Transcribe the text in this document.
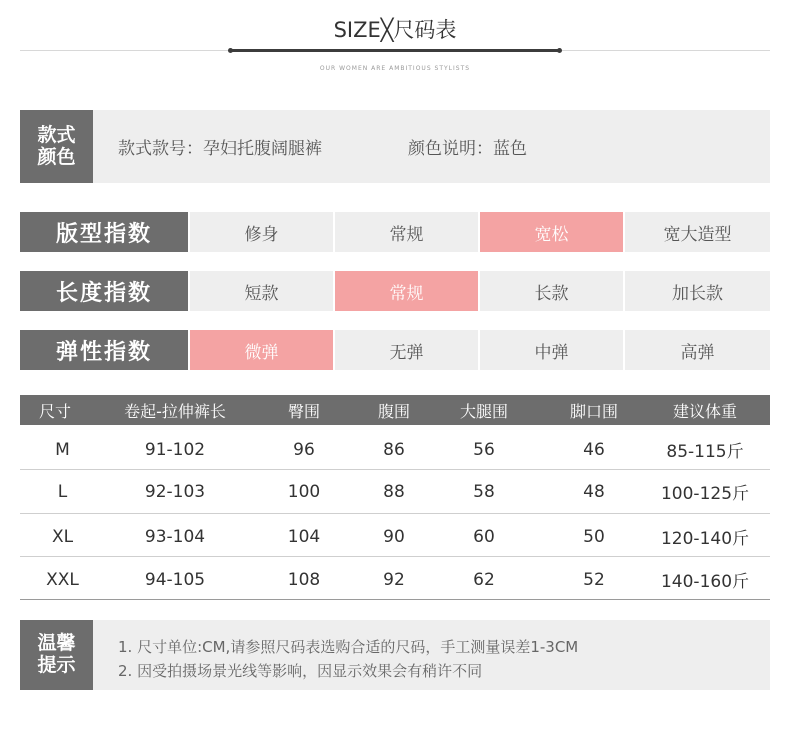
SIZE╳尺码表
OUR WOMEN ARE AMBITIOUS STYLISTS
款式颜色	款式款号：孕妇托腹阔腿裤	颜色说明：蓝色
版型指数	修身	常规	宽松	宽大造型
长度指数	短款	常规	长款	加长款
弹性指数	微弹	无弹	中弹	高弹
尺寸	卷起-拉伸裤长	臀围	腹围	大腿围	脚口围	建议体重
M	91-102	96	86	56	46	85-115斤
L	92-103	100	88	58	48	100-125斤
XL	93-104	104	90	60	50	120-140斤
XXL	94-105	108	92	62	52	140-160斤
温馨提示
1. 尺寸单位:CM,请参照尺码表选购合适的尺码，手工测量误差1-3CM
2. 因受拍摄场景光线等影响，因显示效果会有稍许不同
